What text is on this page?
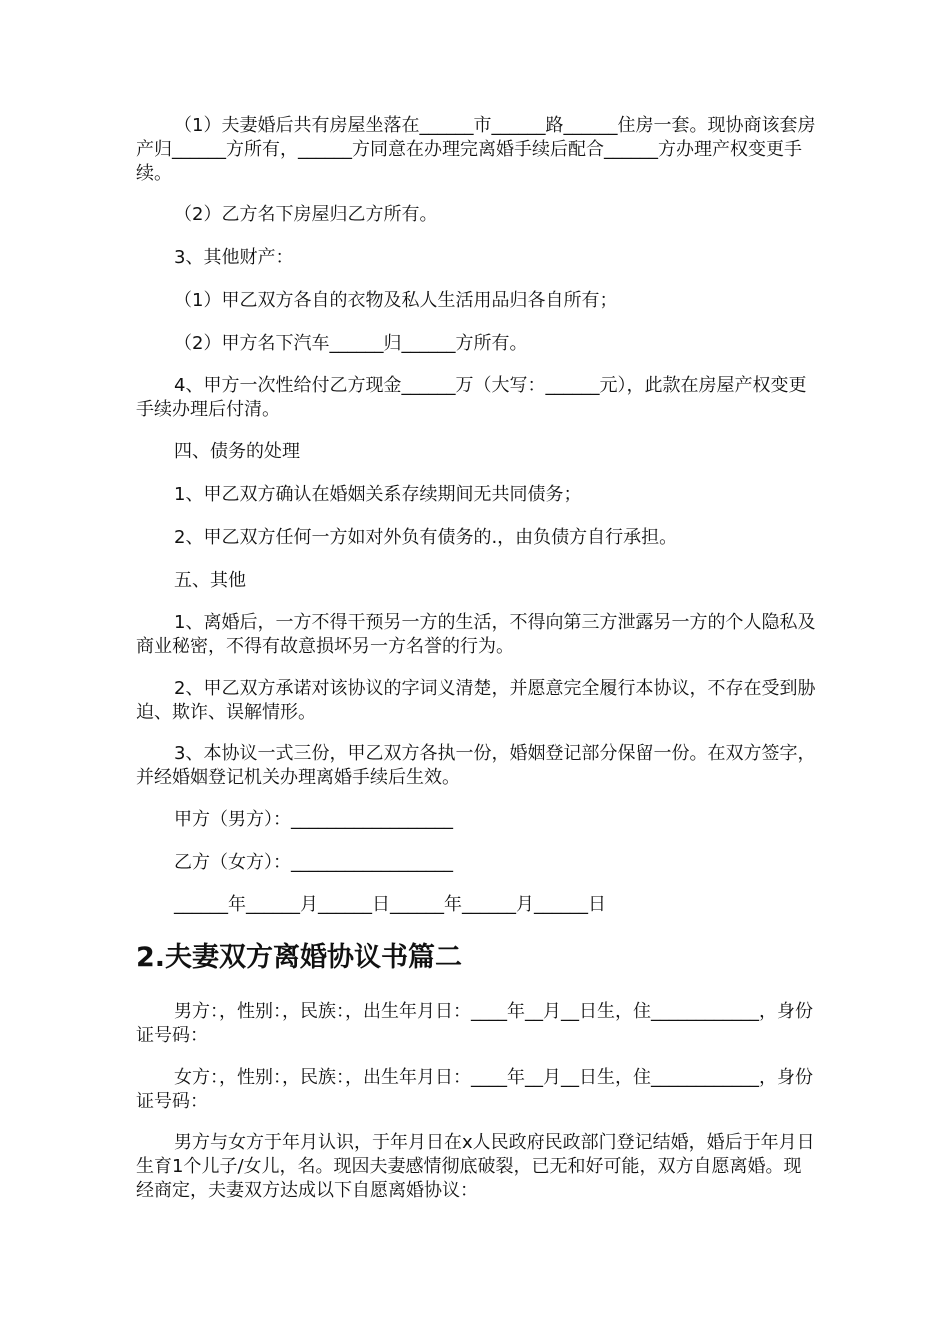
（1）夫妻婚后共有房屋坐落在______市______路______住房一套。现协商该套房产归______方所有，______方同意在办理完离婚手续后配合______方办理产权变更手续。

（2）乙方名下房屋归乙方所有。

3、其他财产：

（1）甲乙双方各自的衣物及私人生活用品归各自所有；

（2）甲方名下汽车______归______方所有。

4、甲方一次性给付乙方现金______万（大写：______元），此款在房屋产权变更手续办理后付清。

四、债务的处理

1、甲乙双方确认在婚姻关系存续期间无共同债务；

2、甲乙双方任何一方如对外负有债务的.，由负债方自行承担。

五、其他

1、离婚后，一方不得干预另一方的生活，不得向第三方泄露另一方的个人隐私及商业秘密，不得有故意损坏另一方名誉的行为。

2、甲乙双方承诺对该协议的字词义清楚，并愿意完全履行本协议，不存在受到胁迫、欺诈、误解情形。

3、本协议一式三份，甲乙双方各执一份，婚姻登记部分保留一份。在双方签字，并经婚姻登记机关办理离婚手续后生效。

甲方（男方）：__________________

乙方（女方）：__________________

______年______月______日______年______月______日

2.夫妻双方离婚协议书篇二

男方：，性别：，民族：，出生年月日：____年__月__日生，住____________，身份证号码：

女方：，性别：，民族：，出生年月日：____年__月__日生，住____________，身份证号码：

男方与女方于年月认识，于年月日在x人民政府民政部门登记结婚，婚后于年月日生育1个儿子/女儿，名。现因夫妻感情彻底破裂，已无和好可能，双方自愿离婚。现经商定，夫妻双方达成以下自愿离婚协议：
